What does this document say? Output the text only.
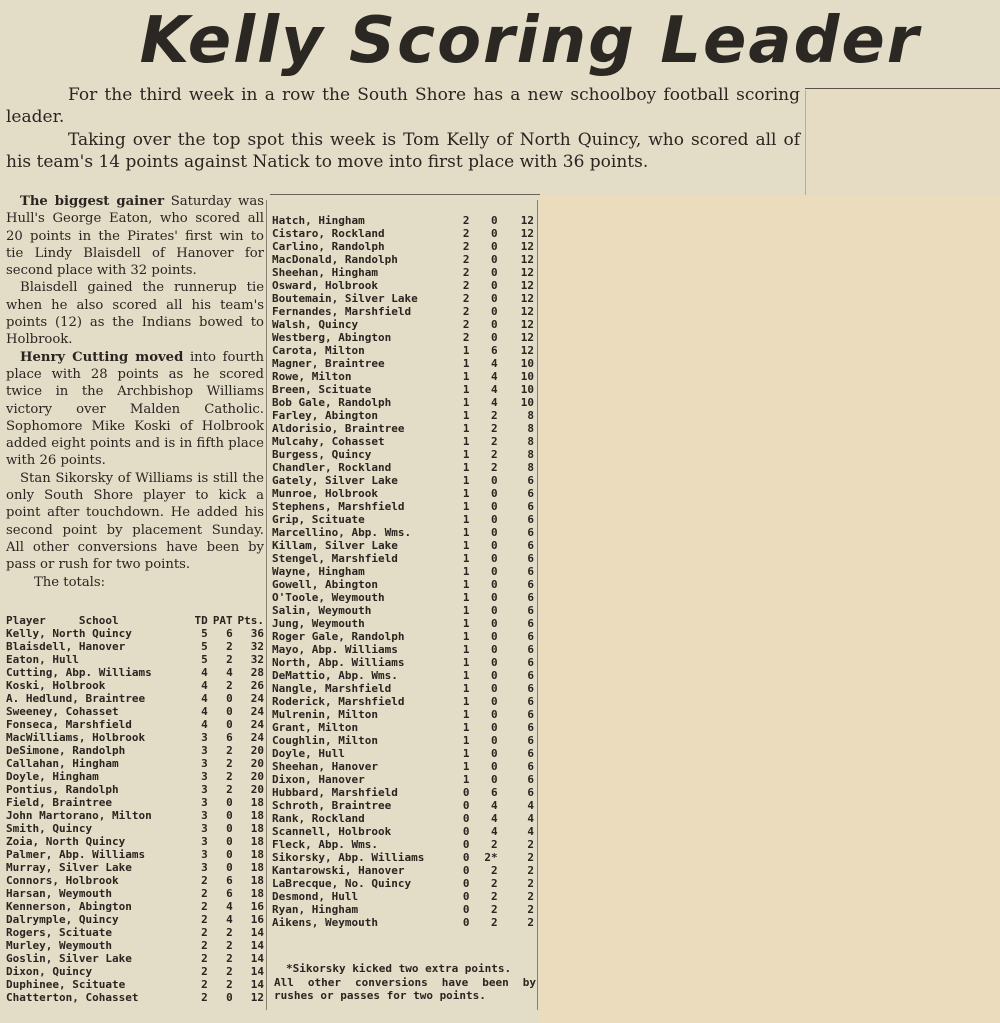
Kelly Scoring Leader

For the third week in a row the South Shore has a new schoolboy football scoring leader.

Taking over the top spot this week is Tom Kelly of North Quincy, who scored all of his team's 14 points against Natick to move into first place with 36 points.

The biggest gainer Saturday was Hull's George Eaton, who scored all 20 points in the Pirates' first win to tie Lindy Blaisdell of Hanover for second place with 32 points.

Blaisdell gained the runnerup tie when he also scored all his team's points (12) as the Indians bowed to Holbrook.

Henry Cutting moved into fourth place with 28 points as he scored twice in the Archbishop Williams victory over Malden Catholic. Sophomore Mike Koski of Holbrook added eight points and is in fifth place with 26 points.

Stan Sikorsky of Williams is still the only South Shore player to kick a point after touchdown. He added his second point by placement Sunday. All other conversions have been by pass or rush for two points.

The totals:

Player School	TD	PAT	Pts.
Kelly, North Quincy	5	6	36
Blaisdell, Hanover	5	2	32
Eaton, Hull	5	2	32
Cutting, Abp. Williams	4	4	28
Koski, Holbrook	4	2	26
A. Hedlund, Braintree	4	0	24
Sweeney, Cohasset	4	0	24
Fonseca, Marshfield	4	0	24
MacWilliams, Holbrook	3	6	24
DeSimone, Randolph	3	2	20
Callahan, Hingham	3	2	20
Doyle, Hingham	3	2	20
Pontius, Randolph	3	2	20
Field, Braintree	3	0	18
John Martorano, Milton	3	0	18
Smith, Quincy	3	0	18
Zoia, North Quincy	3	0	18
Palmer, Abp. Williams	3	0	18
Murray, Silver Lake	3	0	18
Connors, Holbrook	2	6	18
Harsan, Weymouth	2	6	18
Kennerson, Abington	2	4	16
Dalrymple, Quincy	2	4	16
Rogers, Scituate	2	2	14
Murley, Weymouth	2	2	14
Goslin, Silver Lake	2	2	14
Dixon, Quincy	2	2	14
Duphinee, Scituate	2	2	14
Chatterton, Cohasset	2	0	12
Hatch, Hingham	2	0	12
Cistaro, Rockland	2	0	12
Carlino, Randolph	2	0	12
MacDonald, Randolph	2	0	12
Sheehan, Hingham	2	0	12
Osward, Holbrook	2	0	12
Boutemain, Silver Lake	2	0	12
Fernandes, Marshfield	2	0	12
Walsh, Quincy	2	0	12
Westberg, Abington	2	0	12
Carota, Milton	1	6	12
Magner, Braintree	1	4	10
Rowe, Milton	1	4	10
Breen, Scituate	1	4	10
Bob Gale, Randolph	1	4	10
Farley, Abington	1	2	8
Aldorisio, Braintree	1	2	8
Mulcahy, Cohasset	1	2	8
Burgess, Quincy	1	2	8
Chandler, Rockland	1	2	8
Gately, Silver Lake	1	0	6
Munroe, Holbrook	1	0	6
Stephens, Marshfield	1	0	6
Grip, Scituate	1	0	6
Marcellino, Abp. Wms.	1	0	6
Killam, Silver Lake	1	0	6
Stengel, Marshfield	1	0	6
Wayne, Hingham	1	0	6
Gowell, Abington	1	0	6
O'Toole, Weymouth	1	0	6
Salin, Weymouth	1	0	6
Jung, Weymouth	1	0	6
Roger Gale, Randolph	1	0	6
Mayo, Abp. Williams	1	0	6
North, Abp. Williams	1	0	6
DeMattio, Abp. Wms.	1	0	6
Nangle, Marshfield	1	0	6
Roderick, Marshfield	1	0	6
Mulrenin, Milton	1	0	6
Grant, Milton	1	0	6
Coughlin, Milton	1	0	6
Doyle, Hull	1	0	6
Sheehan, Hanover	1	0	6
Dixon, Hanover	1	0	6
Hubbard, Marshfield	0	6	6
Schroth, Braintree	0	4	4
Rank, Rockland	0	4	4
Scannell, Holbrook	0	4	4
Fleck, Abp. Wms.	0	2	2
Sikorsky, Abp. Williams	0	2*	2
Kantarowski, Hanover	0	2	2
LaBrecque, No. Quincy	0	2	2
Desmond, Hull	0	2	2
Ryan, Hingham	0	2	2
Aikens, Weymouth	0	2	2

*Sikorsky kicked two extra points.

All other conversions have been by rushes or passes for two points.
